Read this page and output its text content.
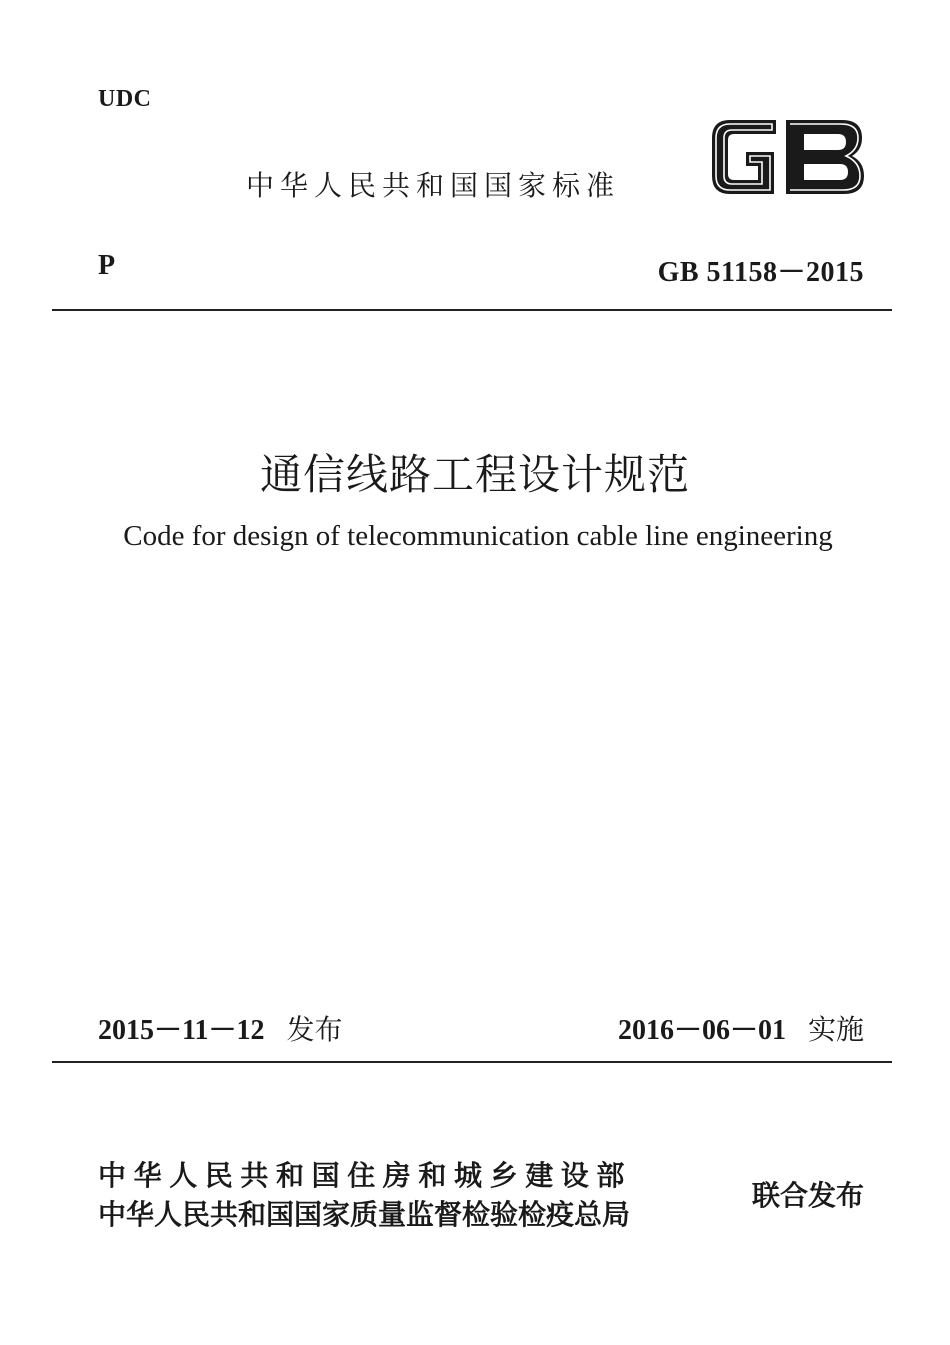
UDC
中华人民共和国国家标准
P	GB 51158－2015
通信线路工程设计规范
Code for design of telecommunication cable line engineering
2015－11－12 发布	2016－06－01 实施
中华人民共和国住房和城乡建设部
中华人民共和国国家质量监督检验检疫总局
联合发布
